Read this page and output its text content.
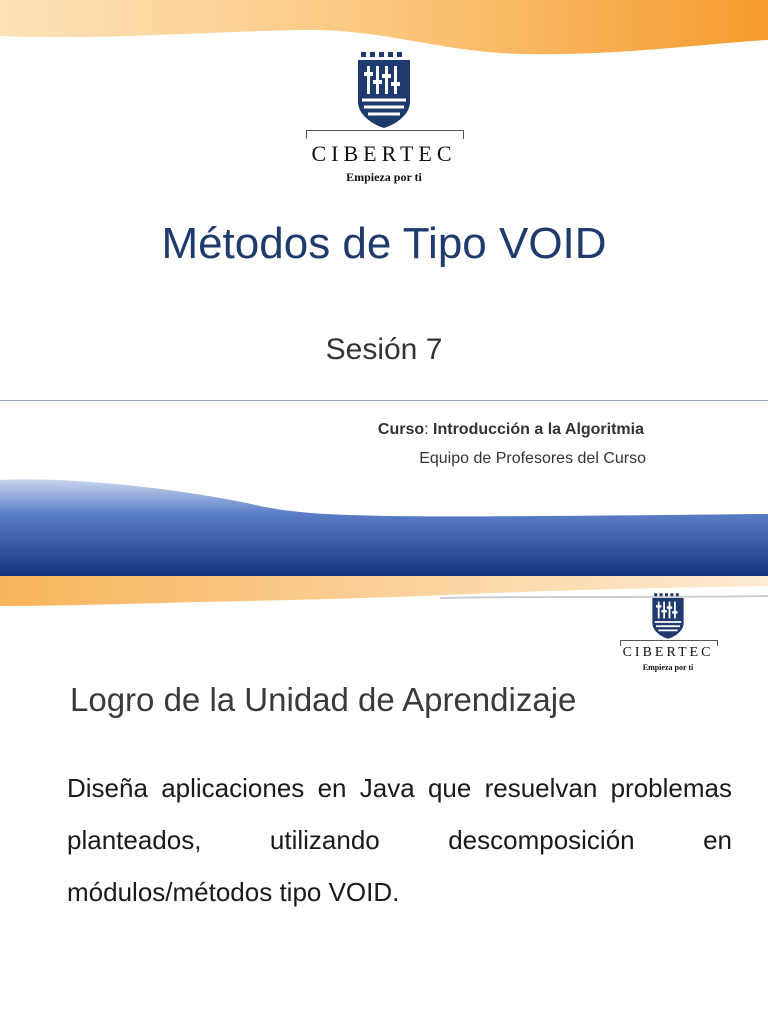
CIBERTEC
Empieza por ti
Métodos de Tipo VOID
Sesión 7
Curso: Introducción a la Algoritmia
Equipo de Profesores del Curso
CIBERTEC
Empieza por ti
Logro de la Unidad de Aprendizaje
Diseña aplicaciones en Java que resuelvan problemas planteados, utilizando descomposición en módulos/métodos tipo VOID.
